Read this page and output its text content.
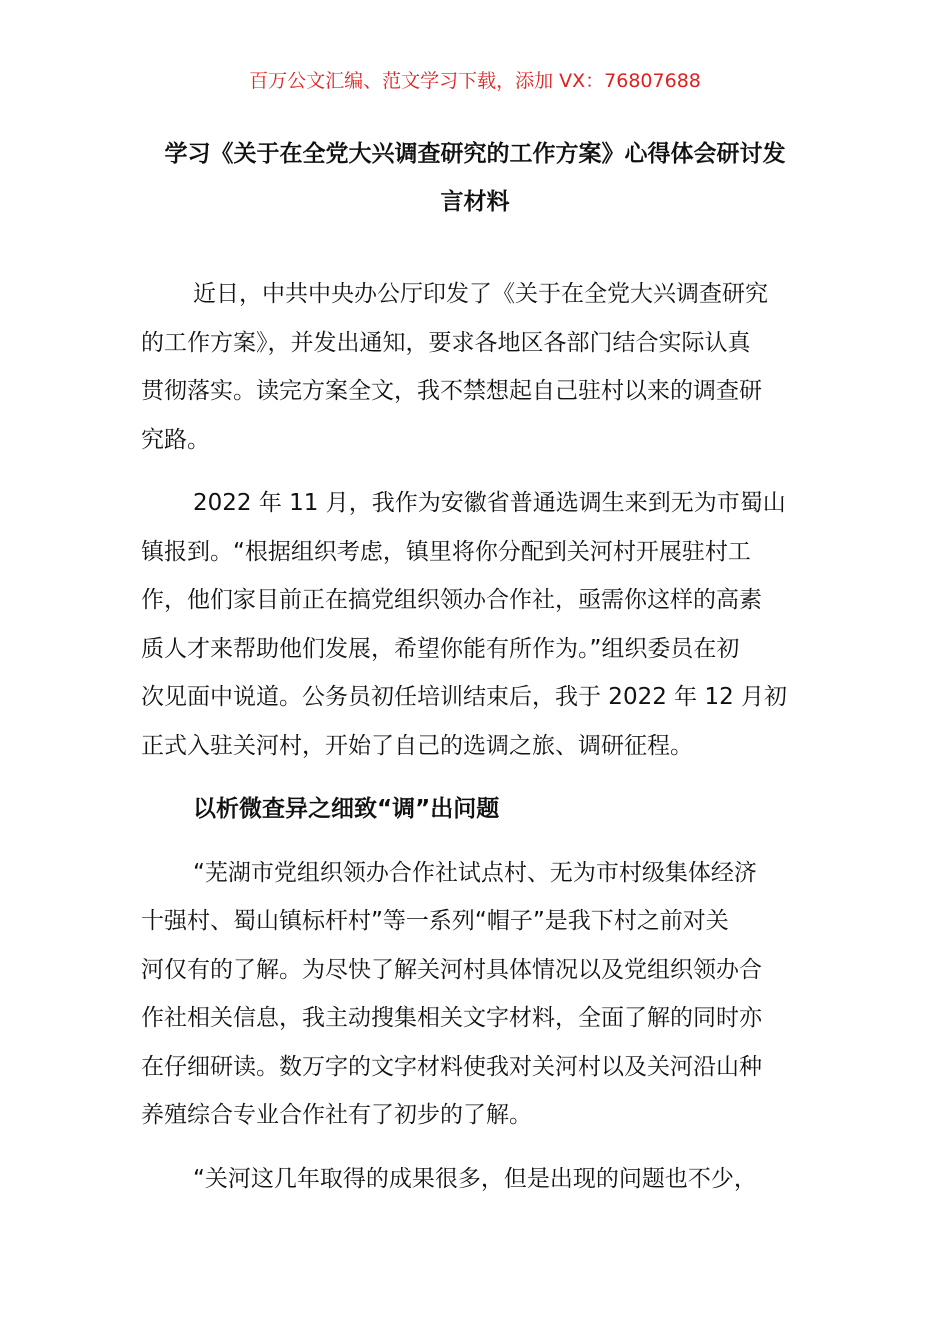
百万公文汇编、范文学习下载，添加 VX：76807688
学习《关于在全党大兴调查研究的工作方案》心得体会研讨发
言材料

近日，中共中央办公厅印发了《关于在全党大兴调查研究
的工作方案》，并发出通知，要求各地区各部门结合实际认真
贯彻落实。读完方案全文，我不禁想起自己驻村以来的调查研
究路。

2022 年 11 月，我作为安徽省普通选调生来到无为市蜀山
镇报到。“根据组织考虑，镇里将你分配到关河村开展驻村工
作，他们家目前正在搞党组织领办合作社，亟需你这样的高素
质人才来帮助他们发展，希望你能有所作为。”组织委员在初
次见面中说道。公务员初任培训结束后，我于 2022 年 12 月初
正式入驻关河村，开始了自己的选调之旅、调研征程。

以析微查异之细致“调”出问题

“芜湖市党组织领办合作社试点村、无为市村级集体经济
十强村、蜀山镇标杆村”等一系列“帽子”是我下村之前对关
河仅有的了解。为尽快了解关河村具体情况以及党组织领办合
作社相关信息，我主动搜集相关文字材料，全面了解的同时亦
在仔细研读。数万字的文字材料使我对关河村以及关河沿山种
养殖综合专业合作社有了初步的了解。

“关河这几年取得的成果很多，但是出现的问题也不少，
